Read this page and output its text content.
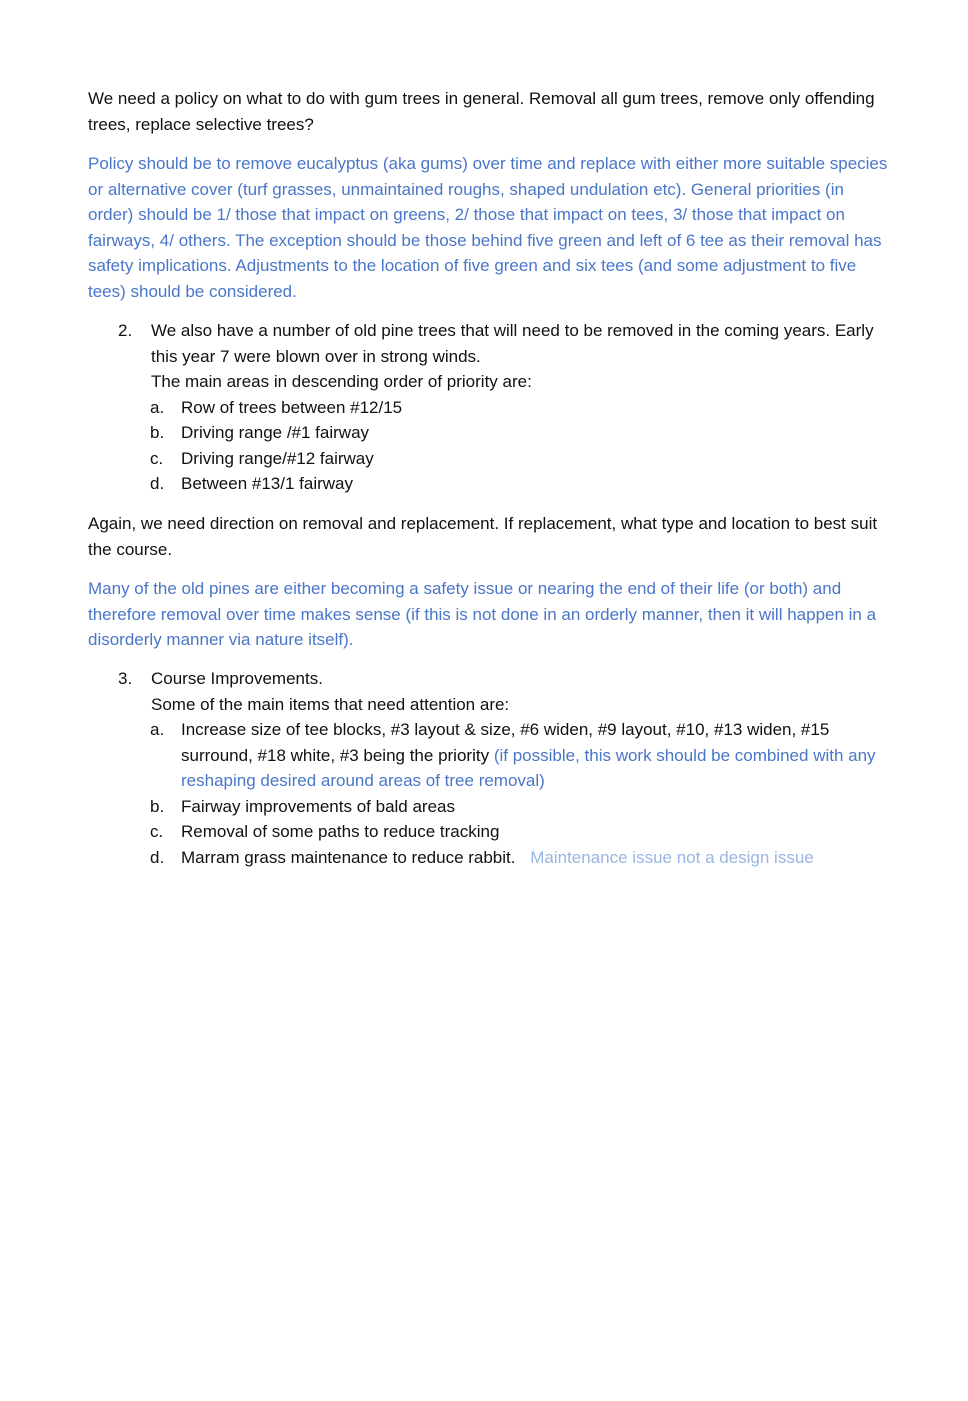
We need a policy on what to do with gum trees in general. Removal all gum trees, remove only offending trees, replace selective trees?

Policy should be to remove eucalyptus (aka gums) over time and replace with either more suitable species or alternative cover (turf grasses, unmaintained roughs, shaped undulation etc). General priorities (in order) should be 1/ those that impact on greens, 2/ those that impact on tees, 3/ those that impact on fairways, 4/ others. The exception should be those behind five green and left of 6 tee as their removal has safety implications. Adjustments to the location of five green and six tees (and some adjustment to five tees) should be considered.

2.	We also have a number of old pine trees that will need to be removed in the coming years. Early this year 7 were blown over in strong winds.
The main areas in descending order of priority are:
a. Row of trees between #12/15
b. Driving range /#1 fairway
c. Driving range/#12 fairway
d. Between #13/1 fairway

Again, we need direction on removal and replacement. If replacement, what type and location to best suit the course.

Many of the old pines are either becoming a safety issue or nearing the end of their life (or both) and therefore removal over time makes sense (if this is not done in an orderly manner, then it will happen in a disorderly manner via nature itself).

3.	Course Improvements.
Some of the main items that need attention are:
a. Increase size of tee blocks, #3 layout & size, #6 widen, #9 layout, #10, #13 widen, #15 surround, #18 white, #3 being the priority (if possible, this work should be combined with any reshaping desired around areas of tree removal)
b. Fairway improvements of bald areas
c. Removal of some paths to reduce tracking
d. Marram grass maintenance to reduce rabbit. Maintenance issue not a design issue
